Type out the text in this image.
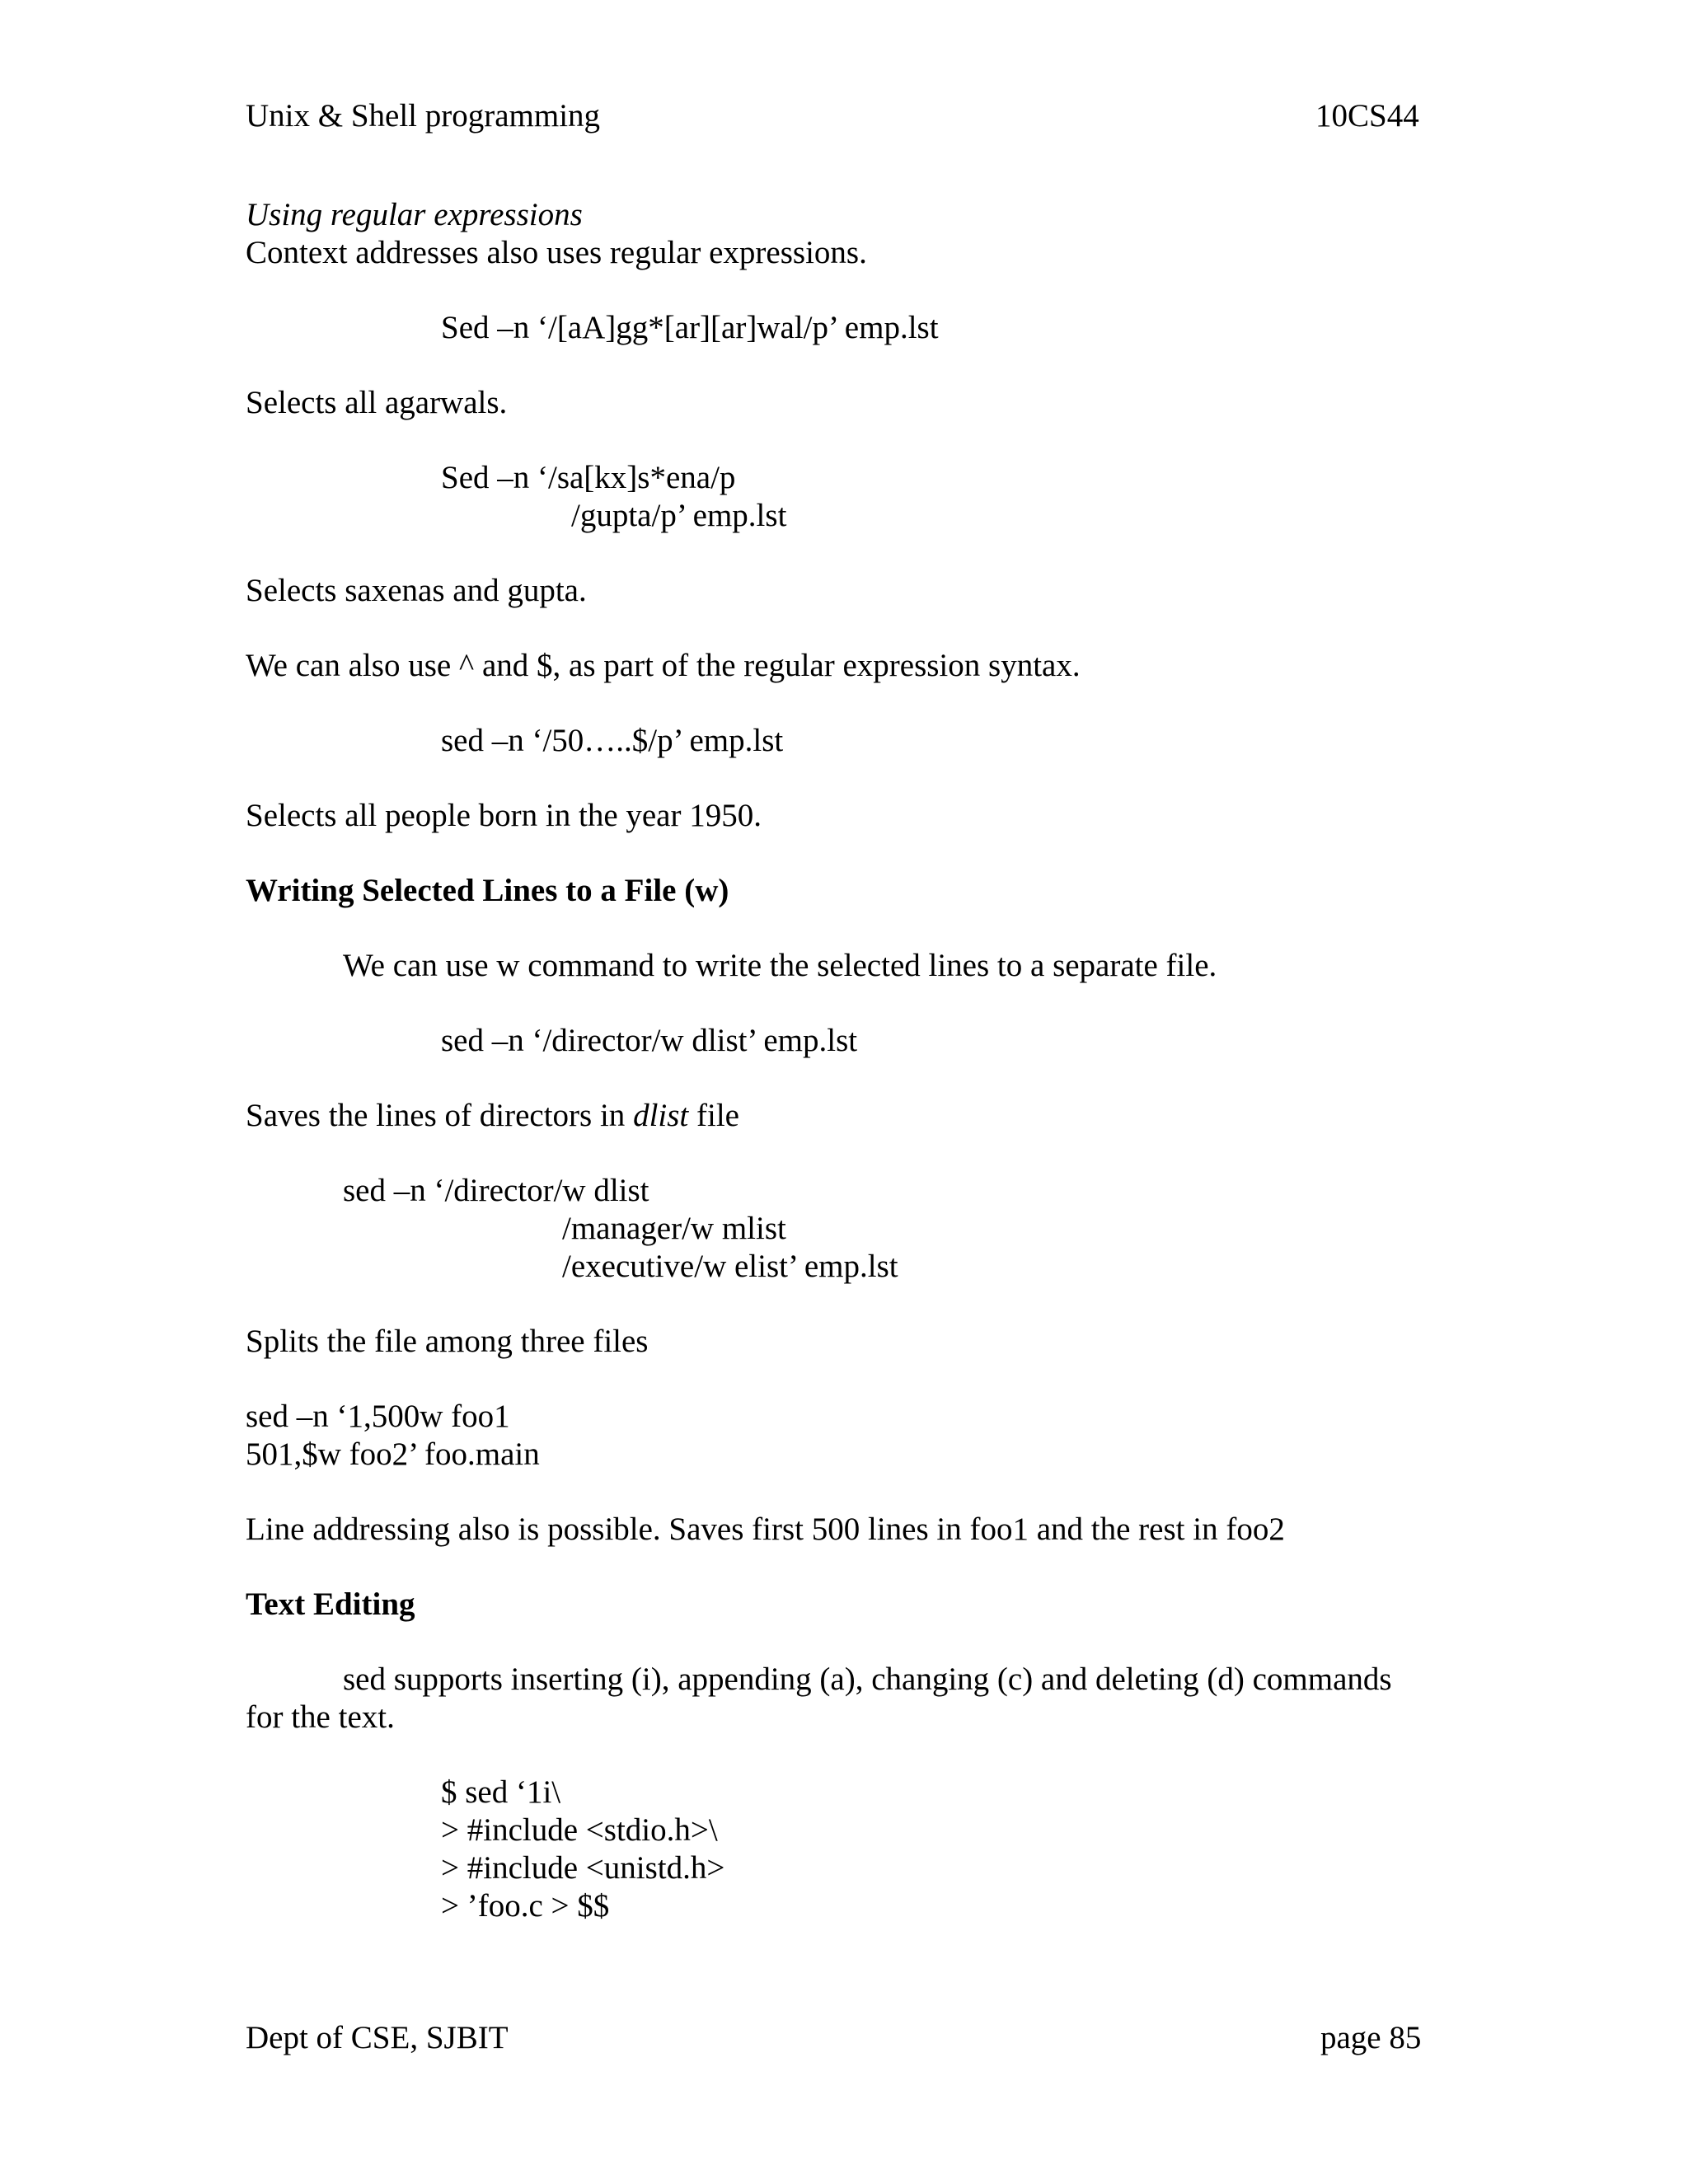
Unix & Shell programming	10CS44
Using regular expressions
Context addresses also uses regular expressions.
Sed –n ‘/[aA]gg*[ar][ar]wal/p’ emp.lst
Selects all agarwals.
Sed –n ‘/sa[kx]s*ena/p
/gupta/p’ emp.lst
Selects saxenas and gupta.
We can also use ^ and $, as part of the regular expression syntax.
sed –n ‘/50…..$/p’ emp.lst
Selects all people born in the year 1950.
Writing Selected Lines to a File (w)
We can use w command to write the selected lines to a separate file.
sed –n ‘/director/w dlist’ emp.lst
Saves the lines of directors in dlist file
sed –n ‘/director/w dlist
/manager/w mlist
/executive/w elist’ emp.lst
Splits the file among three files
sed –n ‘1,500w foo1
501,$w foo2’ foo.main
Line addressing also is possible. Saves first 500 lines in foo1 and the rest in foo2
Text Editing
sed supports inserting (i), appending (a), changing (c) and deleting (d) commands
for the text.
$ sed ‘1i\
> #include <stdio.h>\
> #include <unistd.h>
> ’foo.c > $$
Dept of CSE, SJBIT	page 85
